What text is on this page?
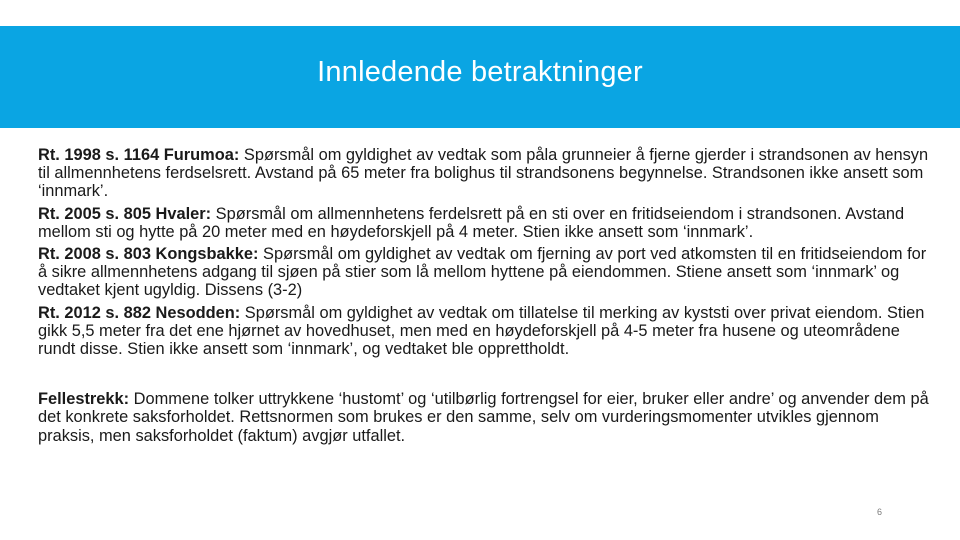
Innledende betraktninger

Rt. 1998 s. 1164 Furumoa: Spørsmål om gyldighet av vedtak som påla grunneier å fjerne gjerder i strandsonen av hensyn til allmennhetens ferdselsrett. Avstand på 65 meter fra bolighus til strandsonens begynnelse. Strandsonen ikke ansett som ‘innmark’.

Rt. 2005 s. 805 Hvaler: Spørsmål om allmennhetens ferdelsrett på en sti over en fritidseiendom i strandsonen. Avstand mellom sti og hytte på 20 meter med en høydeforskjell på 4 meter. Stien ikke ansett som ‘innmark’.

Rt. 2008 s. 803 Kongsbakke: Spørsmål om gyldighet av vedtak om fjerning av port ved atkomsten til en fritidseiendom for å sikre allmennhetens adgang til sjøen på stier som lå mellom hyttene på eiendommen. Stiene ansett som ‘innmark’ og vedtaket kjent ugyldig. Dissens (3-2)

Rt. 2012 s. 882 Nesodden: Spørsmål om gyldighet av vedtak om tillatelse til merking av kyststi over privat eiendom. Stien gikk 5,5 meter fra det ene hjørnet av hovedhuset, men med en høydeforskjell på 4-5 meter fra husene og uteområdene rundt disse. Stien ikke ansett som ‘innmark’, og vedtaket ble opprettholdt.

Fellestrekk: Dommene tolker uttrykkene ‘hustomt’ og ‘utilbørlig fortrengsel for eier, bruker eller andre’ og anvender dem på det konkrete saksforholdet. Rettsnormen som brukes er den samme, selv om vurderingsmomenter utvikles gjennom praksis, men saksforholdet (faktum) avgjør utfallet.

6
